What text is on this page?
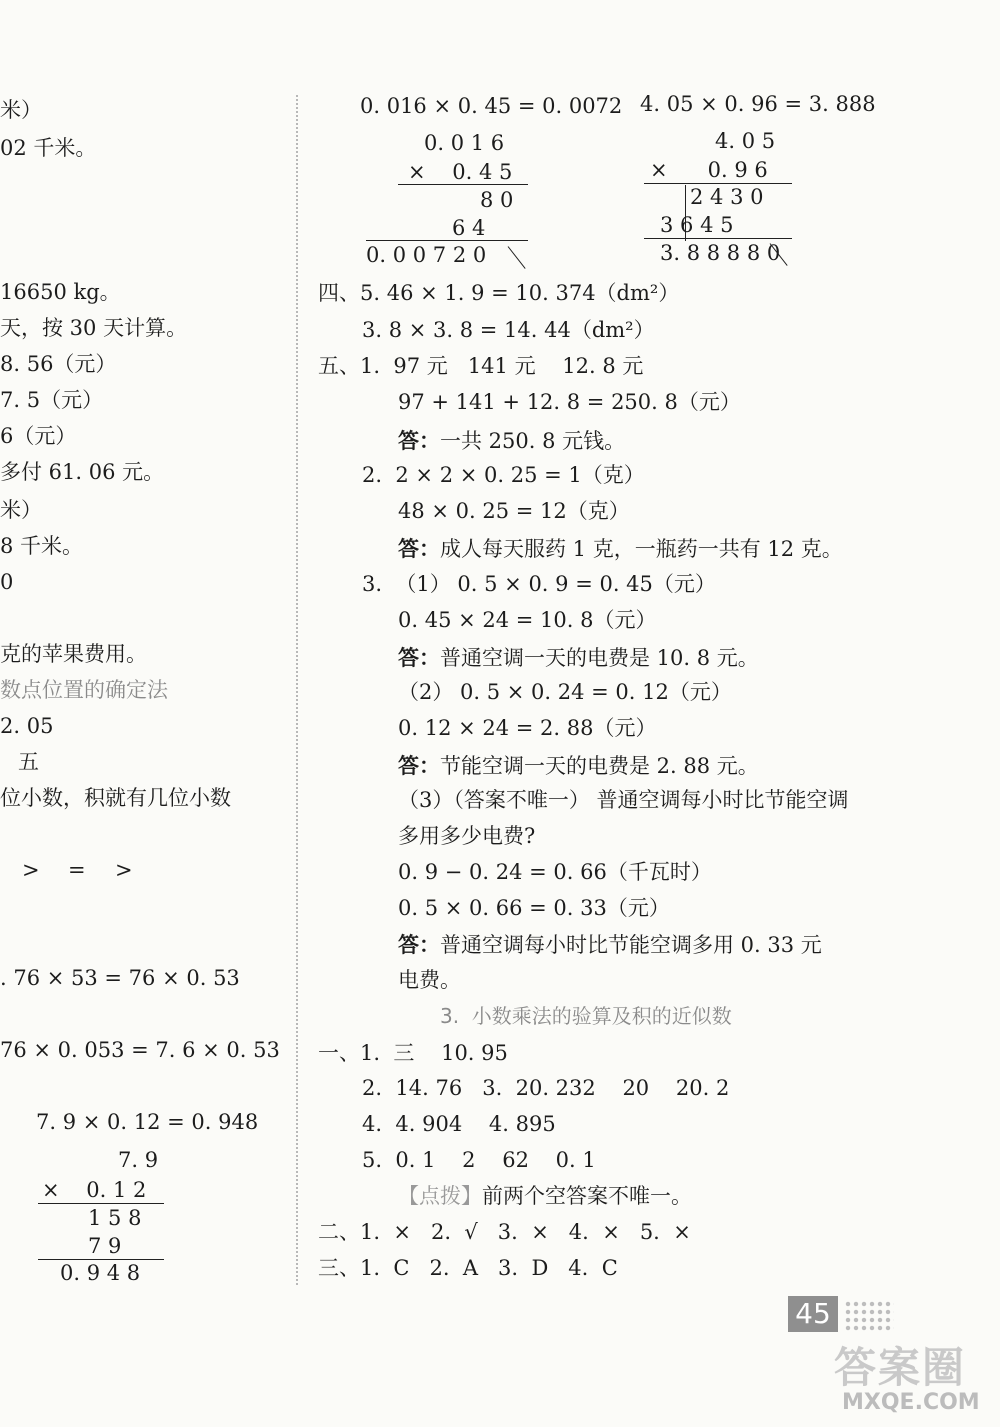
米）
02 千米。
16650 kg。
天，按 30 天计算。
8. 56（元）
7. 5（元）
6（元）
多付 61. 06 元。
米）
8 千米。
0
克的苹果费用。
数点位置的确定法
2. 05
五
位小数，积就有几位小数
> = >
. 76 × 53 = 76 × 0. 53
76 × 0. 053 = 7. 6 × 0. 53
7. 9 × 0. 12 = 0. 948
7. 9
×    0. 1 2
1 5 8
7 9
0. 9 4 8
0. 016 × 0. 45 = 0. 0072 4. 05 × 0. 96 = 3. 888
0. 0 1 6
×    0. 4 5
8 0
6 4
0. 0 0 7 2 0
4. 0 5
×      0. 9 6
2 4 3 0
3 6 4 5
3. 8 8 8 8 0
四、5. 46 × 1. 9 = 10. 374（dm²）
3. 8 × 3. 8 = 14. 44（dm²）
五、1.  97 元   141 元    12. 8 元
97 + 141 + 12. 8 = 250. 8（元）
答：一共 250. 8 元钱。
2.  2 × 2 × 0. 25 = 1（克）
48 × 0. 25 = 12（克）
答：成人每天服药 1 克，一瓶药一共有 12 克。
3.  （1） 0. 5 × 0. 9 = 0. 45（元）
0. 45 × 24 = 10. 8（元）
答：普通空调一天的电费是 10. 8 元。
（2） 0. 5 × 0. 24 = 0. 12（元）
0. 12 × 24 = 2. 88（元）
答：节能空调一天的电费是 2. 88 元。
（3）（答案不唯一） 普通空调每小时比节能空调
多用多少电费?
0. 9 − 0. 24 = 0. 66（千瓦时）
0. 5 × 0. 66 = 0. 33（元）
答：普通空调每小时比节能空调多用 0. 33 元
电费。
3.  小数乘法的验算及积的近似数
一、1.  三    10. 95
2.  14. 76   3.  20. 232    20    20. 2
4.  4. 904    4. 895
5.  0. 1    2    62    0. 1
【点拨】前两个空答案不唯一。
二、1.  ×   2.  √   3.  ×   4.  ×   5.  ×
三、1.  C   2.  A   3.  D   4.  C
45
答案圈
MXQE.COM
